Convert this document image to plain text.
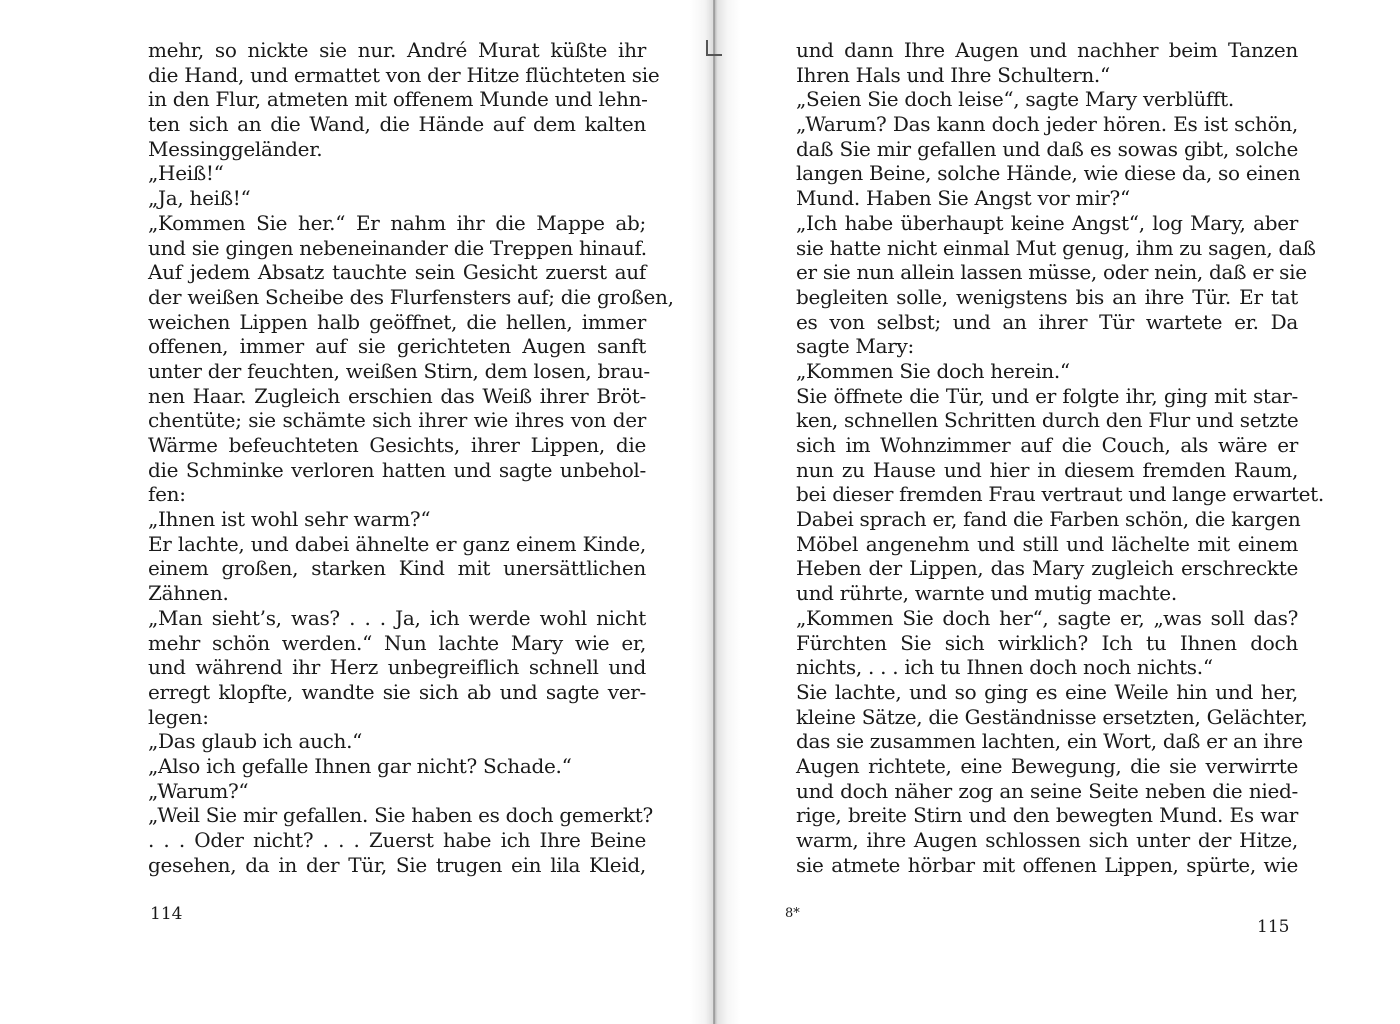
mehr, so nickte sie nur. André Murat küßte ihr
die Hand, und ermattet von der Hitze flüchteten sie
in den Flur, atmeten mit offenem Munde und lehn-
ten sich an die Wand, die Hände auf dem kalten
Messinggeländer.
„Heiß!“
„Ja, heiß!“
„Kommen Sie her.“ Er nahm ihr die Mappe ab;
und sie gingen nebeneinander die Treppen hinauf.
Auf jedem Absatz tauchte sein Gesicht zuerst auf
der weißen Scheibe des Flurfensters auf; die großen,
weichen Lippen halb geöffnet, die hellen, immer
offenen, immer auf sie gerichteten Augen sanft
unter der feuchten, weißen Stirn, dem losen, brau-
nen Haar. Zugleich erschien das Weiß ihrer Bröt-
chentüte; sie schämte sich ihrer wie ihres von der
Wärme befeuchteten Gesichts, ihrer Lippen, die
die Schminke verloren hatten und sagte unbehol-
fen:
„Ihnen ist wohl sehr warm?“
Er lachte, und dabei ähnelte er ganz einem Kinde,
einem großen, starken Kind mit unersättlichen
Zähnen.
„Man sieht’s, was? . . . Ja, ich werde wohl nicht
mehr schön werden.“ Nun lachte Mary wie er,
und während ihr Herz unbegreiflich schnell und
erregt klopfte, wandte sie sich ab und sagte ver-
legen:
„Das glaub ich auch.“
„Also ich gefalle Ihnen gar nicht? Schade.“
„Warum?“
„Weil Sie mir gefallen. Sie haben es doch gemerkt?
. . . Oder nicht? . . . Zuerst habe ich Ihre Beine
gesehen, da in der Tür, Sie trugen ein lila Kleid,
114
und dann Ihre Augen und nachher beim Tanzen
Ihren Hals und Ihre Schultern.“
„Seien Sie doch leise“, sagte Mary verblüfft.
„Warum? Das kann doch jeder hören. Es ist schön,
daß Sie mir gefallen und daß es sowas gibt, solche
langen Beine, solche Hände, wie diese da, so einen
Mund. Haben Sie Angst vor mir?“
„Ich habe überhaupt keine Angst“, log Mary, aber
sie hatte nicht einmal Mut genug, ihm zu sagen, daß
er sie nun allein lassen müsse, oder nein, daß er sie
begleiten solle, wenigstens bis an ihre Tür. Er tat
es von selbst; und an ihrer Tür wartete er. Da
sagte Mary:
„Kommen Sie doch herein.“
Sie öffnete die Tür, und er folgte ihr, ging mit star-
ken, schnellen Schritten durch den Flur und setzte
sich im Wohnzimmer auf die Couch, als wäre er
nun zu Hause und hier in diesem fremden Raum,
bei dieser fremden Frau vertraut und lange erwartet.
Dabei sprach er, fand die Farben schön, die kargen
Möbel angenehm und still und lächelte mit einem
Heben der Lippen, das Mary zugleich erschreckte
und rührte, warnte und mutig machte.
„Kommen Sie doch her“, sagte er, „was soll das?
Fürchten Sie sich wirklich? Ich tu Ihnen doch
nichts, . . . ich tu Ihnen doch noch nichts.“
Sie lachte, und so ging es eine Weile hin und her,
kleine Sätze, die Geständnisse ersetzten, Gelächter,
das sie zusammen lachten, ein Wort, daß er an ihre
Augen richtete, eine Bewegung, die sie verwirrte
und doch näher zog an seine Seite neben die nied-
rige, breite Stirn und den bewegten Mund. Es war
warm, ihre Augen schlossen sich unter der Hitze,
sie atmete hörbar mit offenen Lippen, spürte, wie
8*
115
